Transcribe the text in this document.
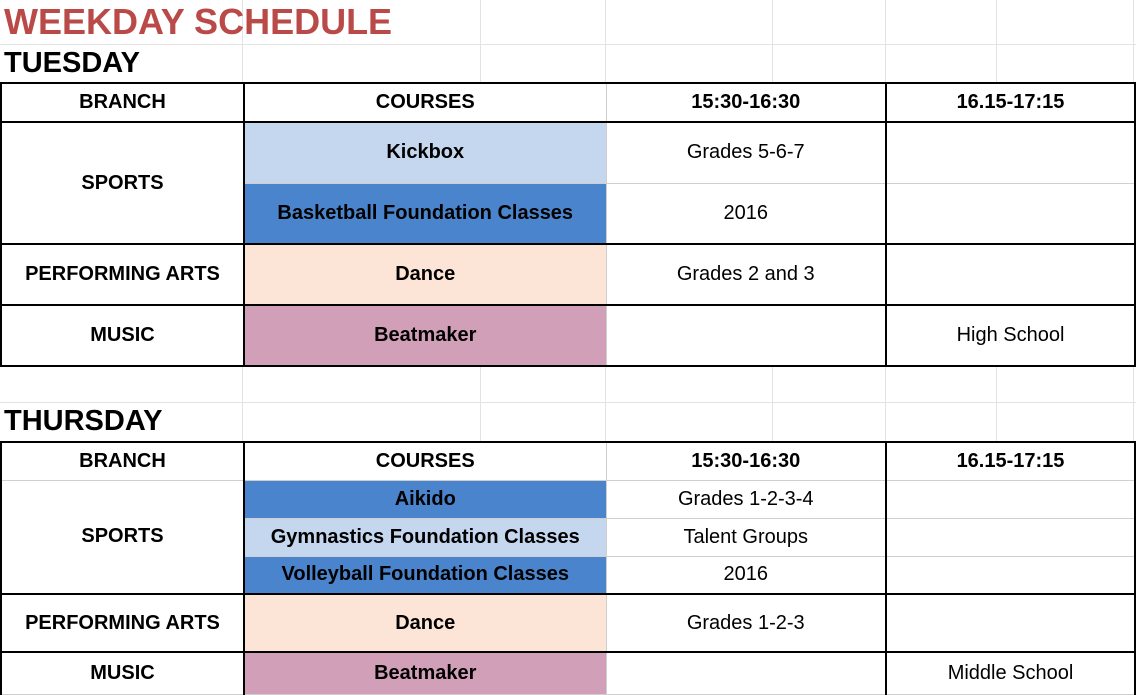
WEEKDAY SCHEDULE
TUESDAY
BRANCH	COURSES	15:30-16:30	16.15-17:15
SPORTS	Kickbox	Grades 5-6-7	
	Basketball Foundation Classes	2016	
PERFORMING ARTS	Dance	Grades 2 and 3	
MUSIC	Beatmaker		High School
THURSDAY
BRANCH	COURSES	15:30-16:30	16.15-17:15
SPORTS	Aikido	Grades 1-2-3-4	
	Gymnastics Foundation Classes	Talent Groups	
	Volleyball Foundation Classes	2016	
PERFORMING ARTS	Dance	Grades 1-2-3	
MUSIC	Beatmaker		Middle School
